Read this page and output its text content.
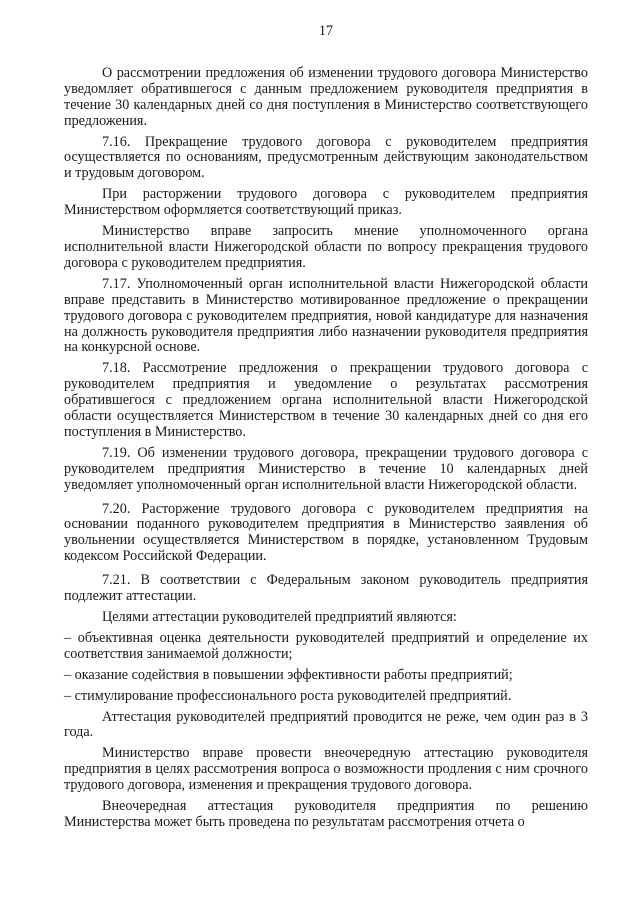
17

О рассмотрении предложения об изменении трудового договора Министерство уведомляет обратившегося с данным предложением руководителя предприятия в течение 30 календарных дней со дня поступления в Министерство соответствующего предложения.

7.16. Прекращение трудового договора с руководителем предприятия осуществляется по основаниям, предусмотренным действующим законодательством и трудовым договором.

При расторжении трудового договора с руководителем предприятия Министерством оформляется соответствующий приказ.

Министерство вправе запросить мнение уполномоченного органа исполнительной власти Нижегородской области по вопросу прекращения трудового договора с руководителем предприятия.

7.17. Уполномоченный орган исполнительной власти Нижегородской области вправе представить в Министерство мотивированное предложение о прекращении трудового договора с руководителем предприятия, новой кандидатуре для назначения на должность руководителя предприятия либо назначении руководителя предприятия на конкурсной основе.

7.18. Рассмотрение предложения о прекращении трудового договора с руководителем предприятия и уведомление о результатах рассмотрения обратившегося с предложением органа исполнительной власти Нижегородской области осуществляется Министерством в течение 30 календарных дней со дня его поступления в Министерство.

7.19. Об изменении трудового договора, прекращении трудового договора с руководителем предприятия Министерство в течение 10 календарных дней уведомляет уполномоченный орган исполнительной власти Нижегородской области.

7.20. Расторжение трудового договора с руководителем предприятия на основании поданного руководителем предприятия в Министерство заявления об увольнении осуществляется Министерством в порядке, установленном Трудовым кодексом Российской Федерации.

7.21. В соответствии с Федеральным законом руководитель предприятия подлежит аттестации.

Целями аттестации руководителей предприятий являются:

– объективная оценка деятельности руководителей предприятий и определение их соответствия занимаемой должности;

– оказание содействия в повышении эффективности работы предприятий;

– стимулирование профессионального роста руководителей предприятий.

Аттестация руководителей предприятий проводится не реже, чем один раз в 3 года.

Министерство вправе провести внеочередную аттестацию руководителя предприятия в целях рассмотрения вопроса о возможности продления с ним срочного трудового договора, изменения и прекращения трудового договора.

Внеочередная аттестация руководителя предприятия по решению Министерства может быть проведена по результатам рассмотрения отчета о
